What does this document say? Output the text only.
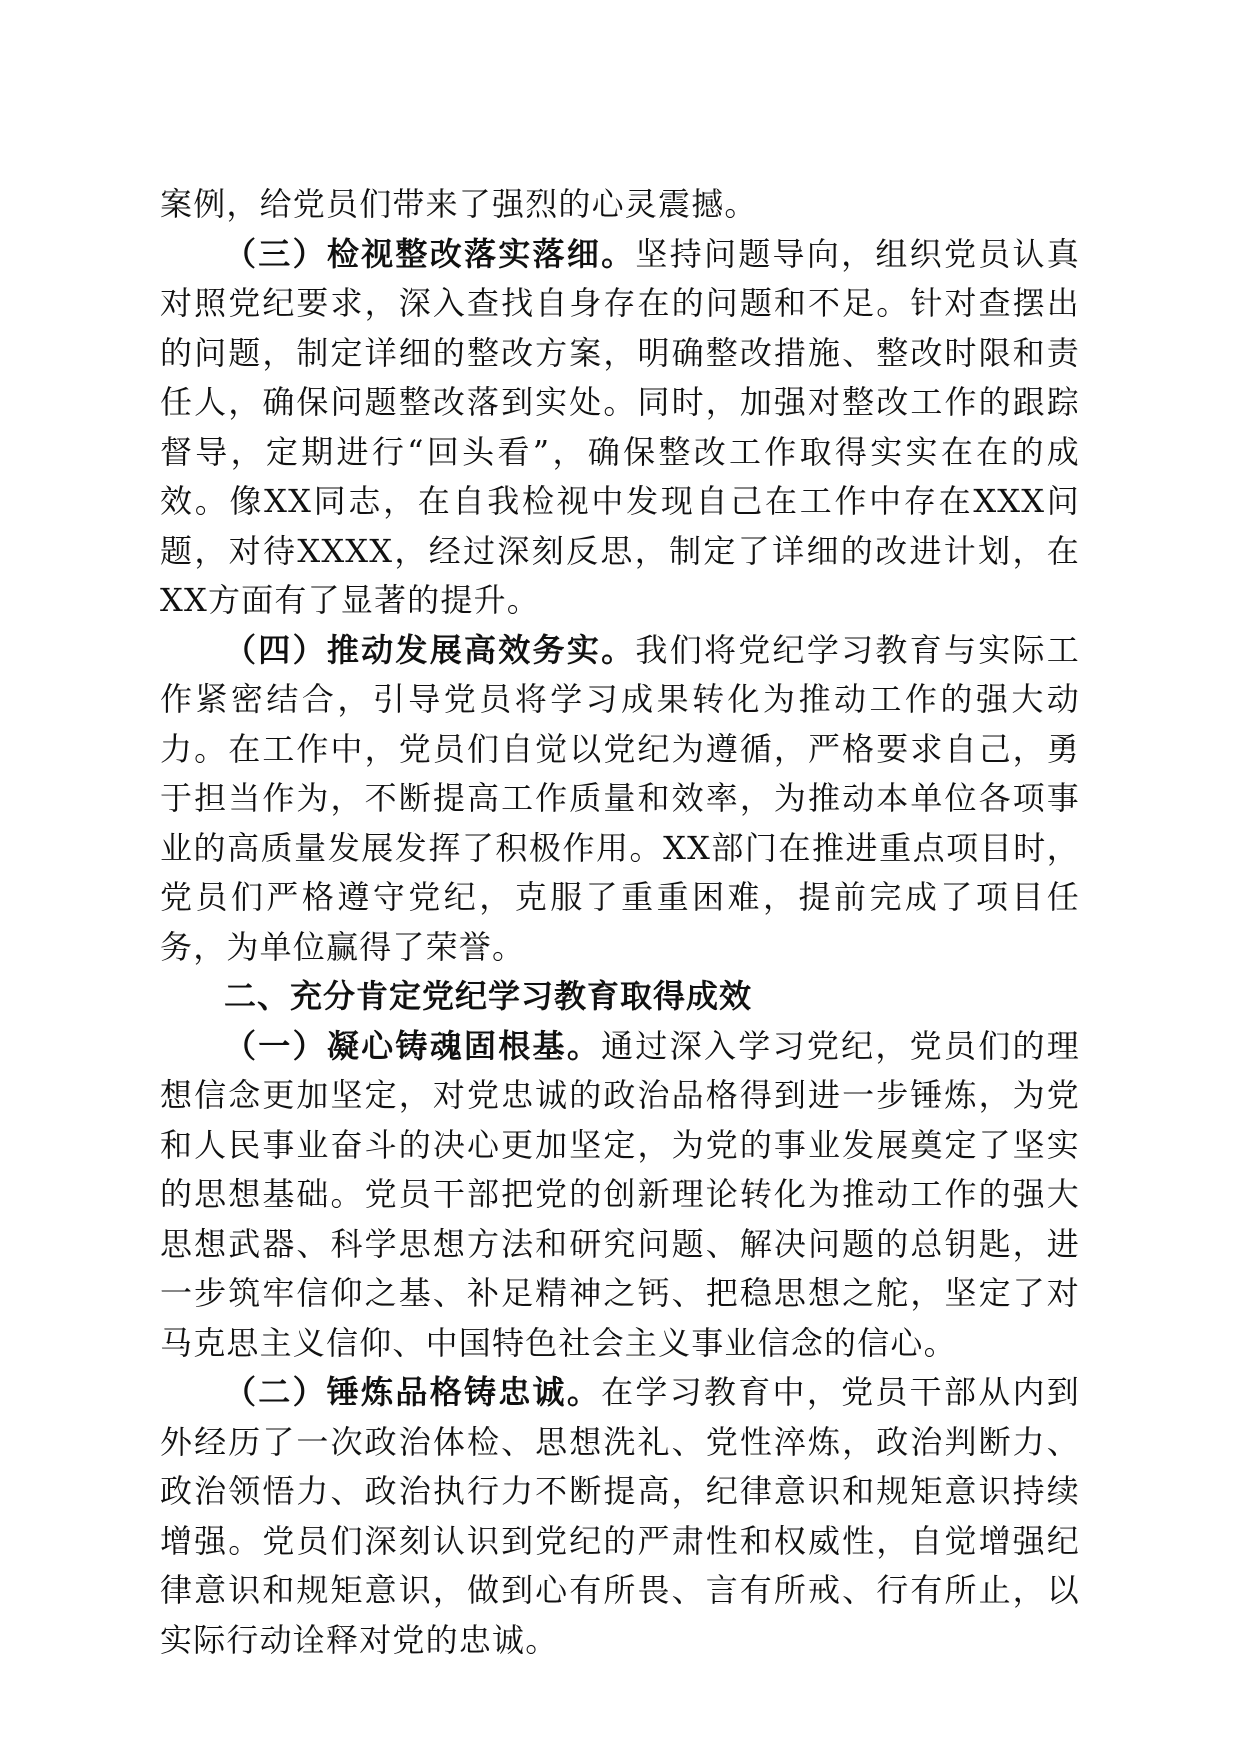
案例，给党员们带来了强烈的心灵震撼。

（三）检视整改落实落细。坚持问题导向，组织党员认真对照党纪要求，深入查找自身存在的问题和不足。针对查摆出的问题，制定详细的整改方案，明确整改措施、整改时限和责任人，确保问题整改落到实处。同时，加强对整改工作的跟踪督导，定期进行“回头看”，确保整改工作取得实实在在的成效。像XX同志，在自我检视中发现自己在工作中存在XXX问题，对待XXXX，经过深刻反思，制定了详细的改进计划，在XX方面有了显著的提升。

（四）推动发展高效务实。我们将党纪学习教育与实际工作紧密结合，引导党员将学习成果转化为推动工作的强大动力。在工作中，党员们自觉以党纪为遵循，严格要求自己，勇于担当作为，不断提高工作质量和效率，为推动本单位各项事业的高质量发展发挥了积极作用。XX部门在推进重点项目时，党员们严格遵守党纪，克服了重重困难，提前完成了项目任务，为单位赢得了荣誉。

二、充分肯定党纪学习教育取得成效

（一）凝心铸魂固根基。通过深入学习党纪，党员们的理想信念更加坚定，对党忠诚的政治品格得到进一步锤炼，为党和人民事业奋斗的决心更加坚定，为党的事业发展奠定了坚实的思想基础。党员干部把党的创新理论转化为推动工作的强大思想武器、科学思想方法和研究问题、解决问题的总钥匙，进一步筑牢信仰之基、补足精神之钙、把稳思想之舵，坚定了对马克思主义信仰、中国特色社会主义事业信念的信心。

（二）锤炼品格铸忠诚。在学习教育中，党员干部从内到外经历了一次政治体检、思想洗礼、党性淬炼，政治判断力、政治领悟力、政治执行力不断提高，纪律意识和规矩意识持续增强。党员们深刻认识到党纪的严肃性和权威性，自觉增强纪律意识和规矩意识，做到心有所畏、言有所戒、行有所止，以实际行动诠释对党的忠诚。
